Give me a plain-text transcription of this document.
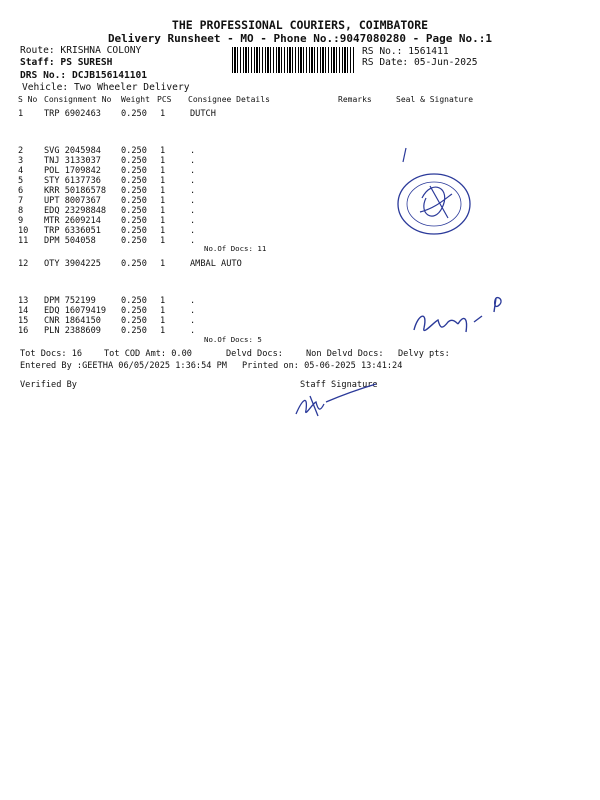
THE PROFESSIONAL COURIERS, COIMBATORE
Delivery Runsheet - MO - Phone No.:9047080280 - Page No.:1
Route: KRISHNA COLONY
Staff: PS SURESH
DRS No.: DCJB156141101
Vehicle: Two Wheeler Delivery
RS No.: 1561411
RS Date: 05-Jun-2025
S No Consignment No Weight PCS Consignee Details	Remarks	Seal & Signature
1 TRP 6902463 0.250 1	DUTCH
2 SVG 2045984 0.250 1	.
3 TNJ 3133037 0.250 1	.
4 POL 1709842 0.250 1	.
5 STY 6137736 0.250 1	.
6 KRR 50186578 0.250 1	.
7 UPT 8007367 0.250 1	.
8 EDQ 23298848 0.250 1	.
9 MTR 2609214 0.250 1	.
10 TRP 6336051 0.250 1	.
11 DPM 504058	0.250 1	.
12 OTY 3904225 0.250 1	AMBAL AUTO
13 DPM 752199	0.250 1	.
14 EDQ 16079419 0.250 1	.
15 CNR 1864150 0.250 1	.
16 PLN 2388609 0.250 1	.
No.Of Docs: 11
No.Of Docs: 5
Tot Docs: 16	Tot COD Amt: 0.00	Delvd Docs:	Non Delvd Docs: Delvy pts:
Entered By :GEETHA 06/05/2025 1:36:54 PM Printed on: 05-06-2025 13:41:24
Verified By	Staff Signature
